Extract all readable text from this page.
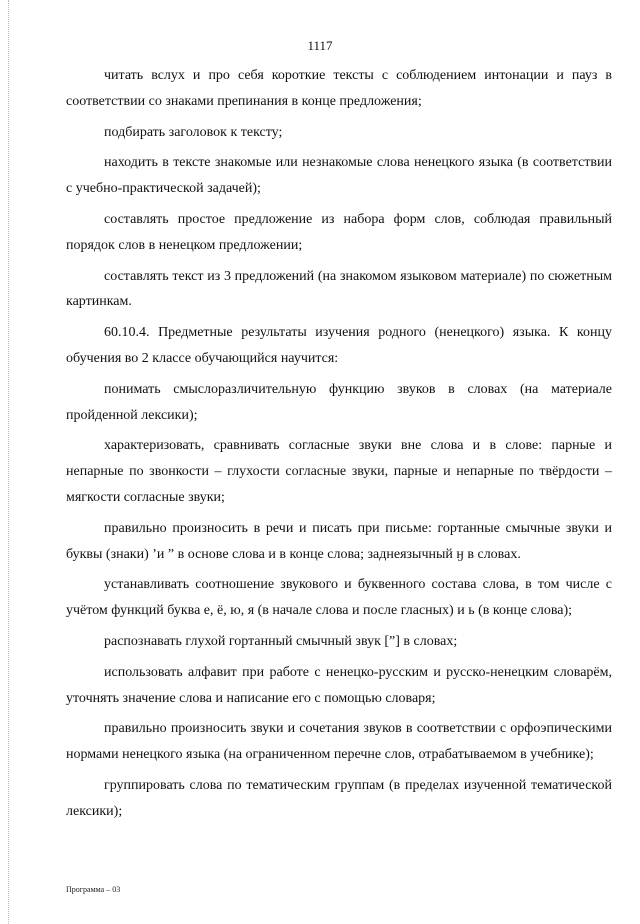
1117

читать вслух и про себя короткие тексты с соблюдением интонации и пауз в соответствии со знаками препинания в конце предложения;

подбирать заголовок к тексту;

находить в тексте знакомые или незнакомые слова ненецкого языка (в соответствии с учебно-практической задачей);

составлять простое предложение из набора форм слов, соблюдая правильный порядок слов в ненецком предложении;

составлять текст из 3 предложений (на знакомом языковом материале) по сюжетным картинкам.

60.10.4. Предметные результаты изучения родного (ненецкого) языка. К концу обучения во 2 классе обучающийся научится:

понимать смыслоразличительную функцию звуков в словах (на материале пройденной лексики);

характеризовать, сравнивать согласные звуки вне слова и в слове: парные и непарные по звонкости – глухости согласные звуки, парные и непарные по твёрдости – мягкости согласные звуки;

правильно произносить в речи и писать при письме: гортанные смычные звуки и буквы (знаки) ʼи ” в основе слова и в конце слова; заднеязычный ӈ в словах.

устанавливать соотношение звукового и буквенного состава слова, в том числе с учётом функций буква е, ё, ю, я (в начале слова и после гласных) и ь (в конце слова);

распознавать глухой гортанный смычный звук [”] в словах;

использовать алфавит при работе с ненецко-русским и русско-ненецким словарём, уточнять значение слова и написание его с помощью словаря;

правильно произносить звуки и сочетания звуков в соответствии с орфоэпическими нормами ненецкого языка (на ограниченном перечне слов, отрабатываемом в учебнике);

группировать слова по тематическим группам (в пределах изученной тематической лексики);

Программа – 03
